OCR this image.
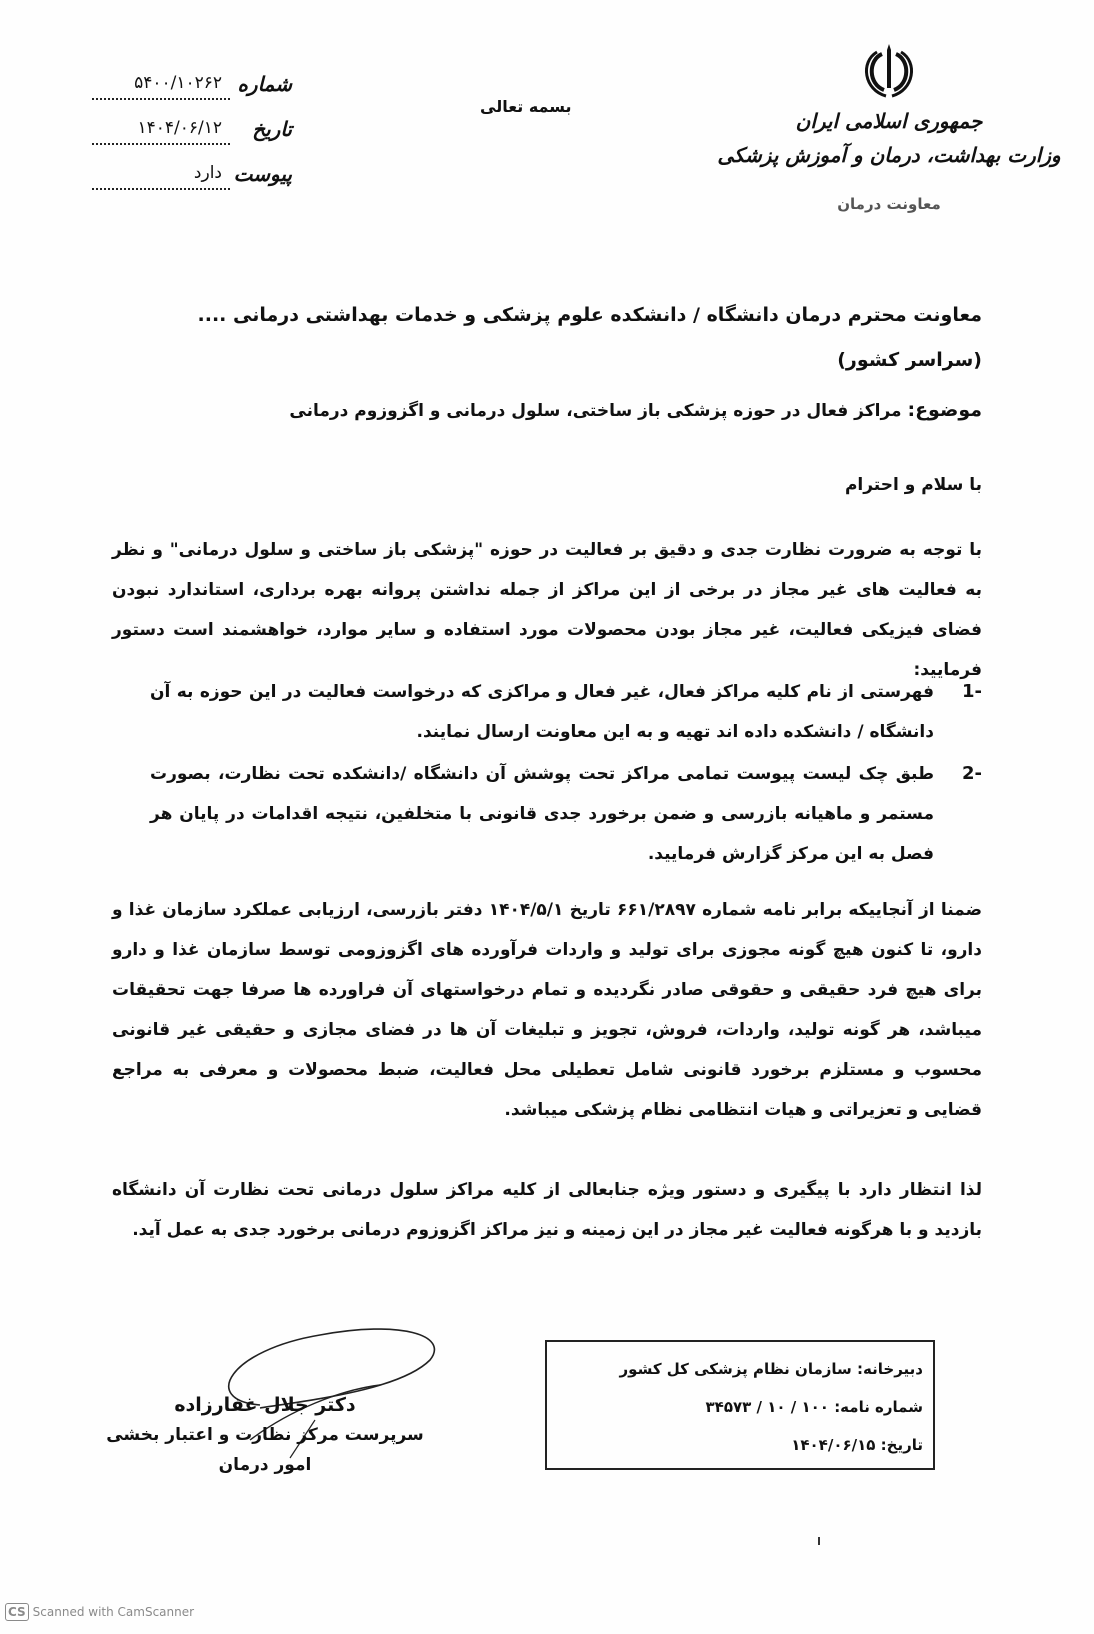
جمهوری اسلامی ایران
وزارت بهداشت، درمان و آموزش پزشکی
معاونت درمان
بسمه تعالی
شماره
۵۴۰۰/۱۰۲۶۲
تاریخ
۱۴۰۴/۰۶/۱۲
پیوست
دارد
معاونت محترم درمان دانشگاه / دانشکده علوم پزشکی و خدمات بهداشتی درمانی ....
(سراسر کشور)
موضوع: مراکز فعال در حوزه پزشکی باز ساختی، سلول درمانی و اگزوزوم درمانی
با سلام و احترام
با توجه به ضرورت نظارت جدی و دقیق بر فعالیت در حوزه "پزشکی باز ساختی و سلول درمانی" و نظر به فعالیت های غیر مجاز در برخی از این مراکز از جمله نداشتن پروانه بهره برداری، استاندارد نبودن فضای فیزیکی فعالیت، غیر مجاز بودن محصولات مورد استفاده و سایر موارد، خواهشمند است دستور فرمایید:
1-
فهرستی از نام کلیه مراکز فعال، غیر فعال و مراکزی که درخواست فعالیت در این حوزه به آن دانشگاه / دانشکده داده اند تهیه و به این معاونت ارسال نمایند.
2-
طبق چک لیست پیوست تمامی مراکز تحت پوشش آن دانشگاه /دانشکده تحت نظارت، بصورت مستمر و ماهیانه بازرسی و ضمن برخورد جدی قانونی با متخلفین، نتیجه اقدامات در پایان هر فصل به این مرکز گزارش فرمایید.
ضمنا از آنجاییکه برابر نامه شماره ۶۶۱/۲۸۹۷ تاریخ ۱۴۰۴/۵/۱ دفتر بازرسی، ارزیابی عملکرد سازمان غذا و دارو، تا کنون هیچ گونه مجوزی برای تولید و واردات فرآورده های اگزوزومی توسط سازمان غذا و دارو برای هیچ فرد حقیقی و حقوقی صادر نگردیده و تمام درخواستهای آن فراورده ها صرفا جهت تحقیقات میباشد، هر گونه تولید، واردات، فروش، تجویز و تبلیغات آن ها در فضای مجازی و حقیقی غیر قانونی محسوب و مستلزم برخورد قانونی شامل تعطیلی محل فعالیت، ضبط محصولات و معرفی به مراجع قضایی و تعزیراتی و هیات انتظامی نظام پزشکی میباشد.
لذا انتظار دارد با پیگیری و دستور ویژه جنابعالی از کلیه مراکز سلول درمانی تحت نظارت آن دانشگاه بازدید و با هرگونه فعالیت غیر مجاز در این زمینه و نیز مراکز اگزوزوم درمانی برخورد جدی به عمل آید.
دکتر جلال غفارزاده
سرپرست مرکز نظارت و اعتبار بخشی
امور درمان
دبیرخانه: سازمان نظام پزشکی کل کشور
شماره نامه: ۱۰۰ / ۱۰ / ۳۴۵۷۳
تاریخ: ۱۴۰۴/۰۶/۱۵
CS Scanned with CamScanner
